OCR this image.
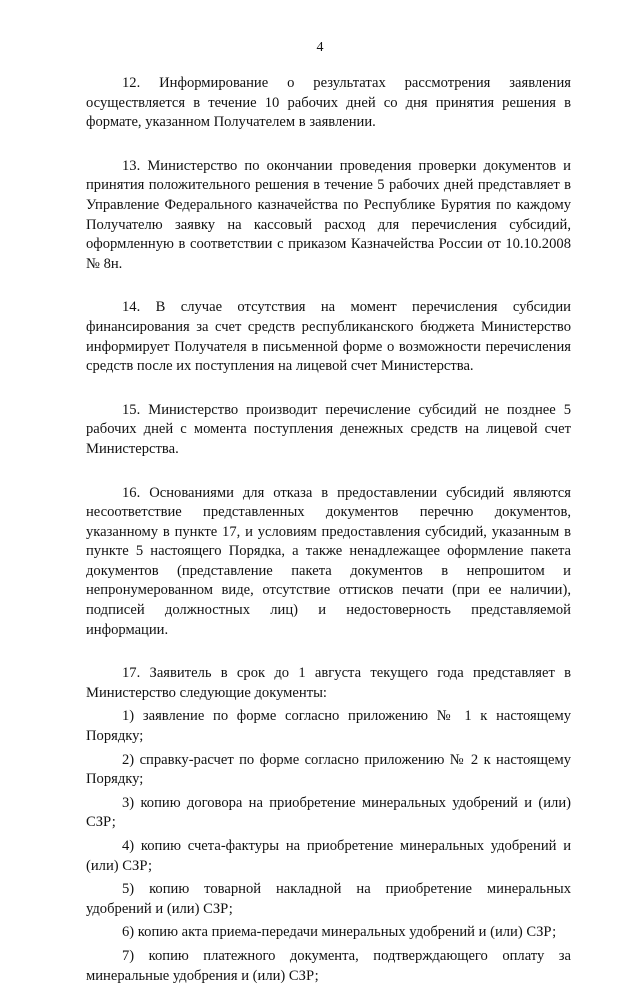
4

12. Информирование о результатах рассмотрения заявления осуществляется в течение 10 рабочих дней со дня принятия решения в формате, указанном Получателем в заявлении.

13. Министерство по окончании проведения проверки документов и принятия положительного решения в течение 5 рабочих дней представляет в Управление Федерального казначейства по Республике Бурятия по каждому Получателю заявку на кассовый расход для перечисления субсидий, оформленную в соответствии с приказом Казначейства России от 10.10.2008 № 8н.

14. В случае отсутствия на момент перечисления субсидии финансирования за счет средств республиканского бюджета Министерство информирует Получателя в письменной форме о возможности перечисления средств после их поступления на лицевой счет Министерства.

15. Министерство производит перечисление субсидий не позднее 5 рабочих дней с момента поступления денежных средств на лицевой счет Министерства.

16. Основаниями для отказа в предоставлении субсидий являются несоответствие представленных документов перечню документов, указанному в пункте 17, и условиям предоставления субсидий, указанным в пункте 5 настоящего Порядка, а также ненадлежащее оформление пакета документов (представление пакета документов в непрошитом и непронумерованном виде, отсутствие оттисков печати (при ее наличии), подписей должностных лиц) и недостоверность представляемой информации.

17. Заявитель в срок до 1 августа текущего года представляет в Министерство следующие документы:

1) заявление по форме согласно приложению № 1 к настоящему Порядку;

2) справку-расчет по форме согласно приложению № 2 к настоящему Порядку;

3) копию договора на приобретение минеральных удобрений и (или) СЗР;

4) копию счета-фактуры на приобретение минеральных удобрений и (или) СЗР;

5) копию товарной накладной на приобретение минеральных удобрений и (или) СЗР;

6) копию акта приема-передачи минеральных удобрений и (или) СЗР;

7) копию платежного документа, подтверждающего оплату за минеральные удобрения и (или) СЗР;
